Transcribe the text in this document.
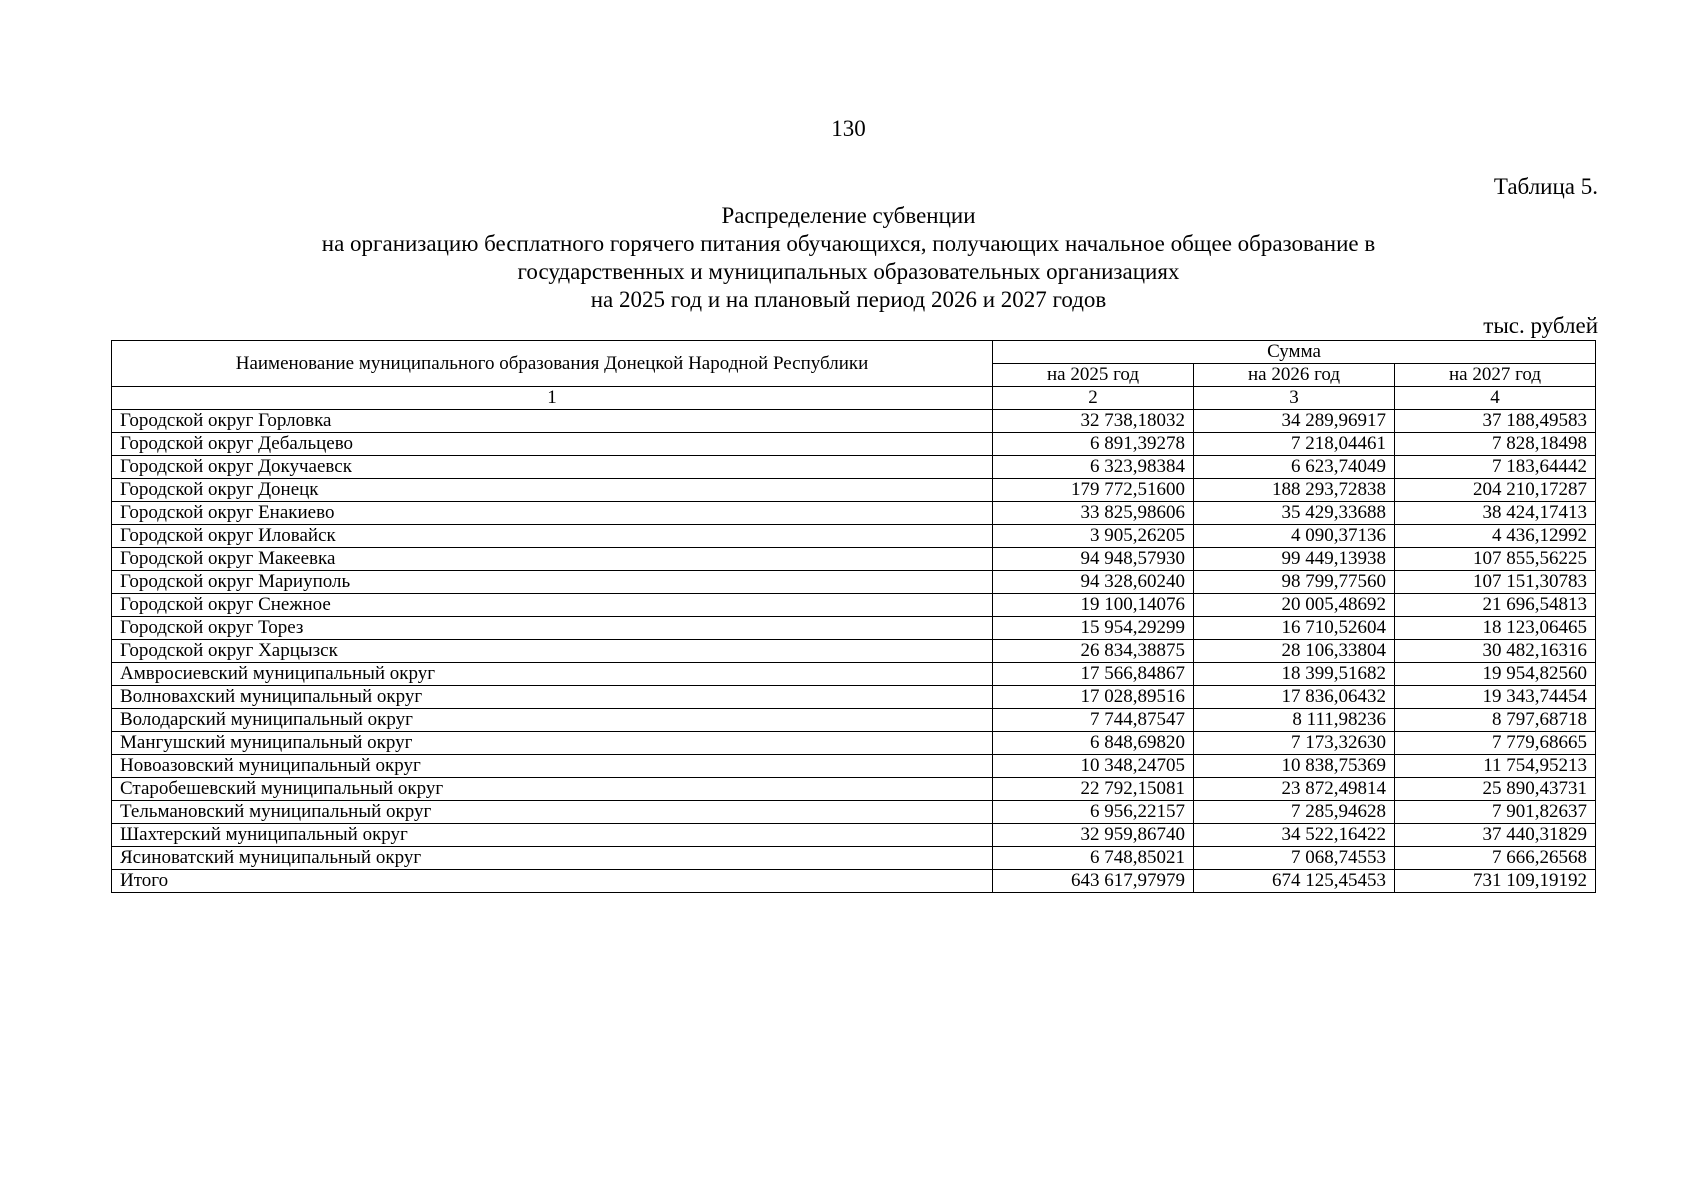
130
Таблица 5.
Распределение субвенции
на организацию бесплатного горячего питания обучающихся, получающих начальное общее образование в
государственных и муниципальных образовательных организациях
на 2025 год и на плановый период 2026 и 2027 годов
тыс. рублей
Наименование муниципального образования Донецкой Народной Республики	Сумма		
	на 2025 год	на 2026 год	на 2027 год
1	2	3	4
Городской округ Горловка	32 738,18032	34 289,96917	37 188,49583
Городской округ Дебальцево	6 891,39278	7 218,04461	7 828,18498
Городской округ Докучаевск	6 323,98384	6 623,74049	7 183,64442
Городской округ Донецк	179 772,51600	188 293,72838	204 210,17287
Городской округ Енакиево	33 825,98606	35 429,33688	38 424,17413
Городской округ Иловайск	3 905,26205	4 090,37136	4 436,12992
Городской округ Макеевка	94 948,57930	99 449,13938	107 855,56225
Городской округ Мариуполь	94 328,60240	98 799,77560	107 151,30783
Городской округ Снежное	19 100,14076	20 005,48692	21 696,54813
Городской округ Торез	15 954,29299	16 710,52604	18 123,06465
Городской округ Харцызск	26 834,38875	28 106,33804	30 482,16316
Амвросиевский муниципальный округ	17 566,84867	18 399,51682	19 954,82560
Волновахский муниципальный округ	17 028,89516	17 836,06432	19 343,74454
Володарский муниципальный округ	7 744,87547	8 111,98236	8 797,68718
Мангушский муниципальный округ	6 848,69820	7 173,32630	7 779,68665
Новоазовский муниципальный округ	10 348,24705	10 838,75369	11 754,95213
Старобешевский муниципальный округ	22 792,15081	23 872,49814	25 890,43731
Тельмановский муниципальный округ	6 956,22157	7 285,94628	7 901,82637
Шахтерский муниципальный округ	32 959,86740	34 522,16422	37 440,31829
Ясиноватский муниципальный округ	6 748,85021	7 068,74553	7 666,26568
Итого	643 617,97979	674 125,45453	731 109,19192
